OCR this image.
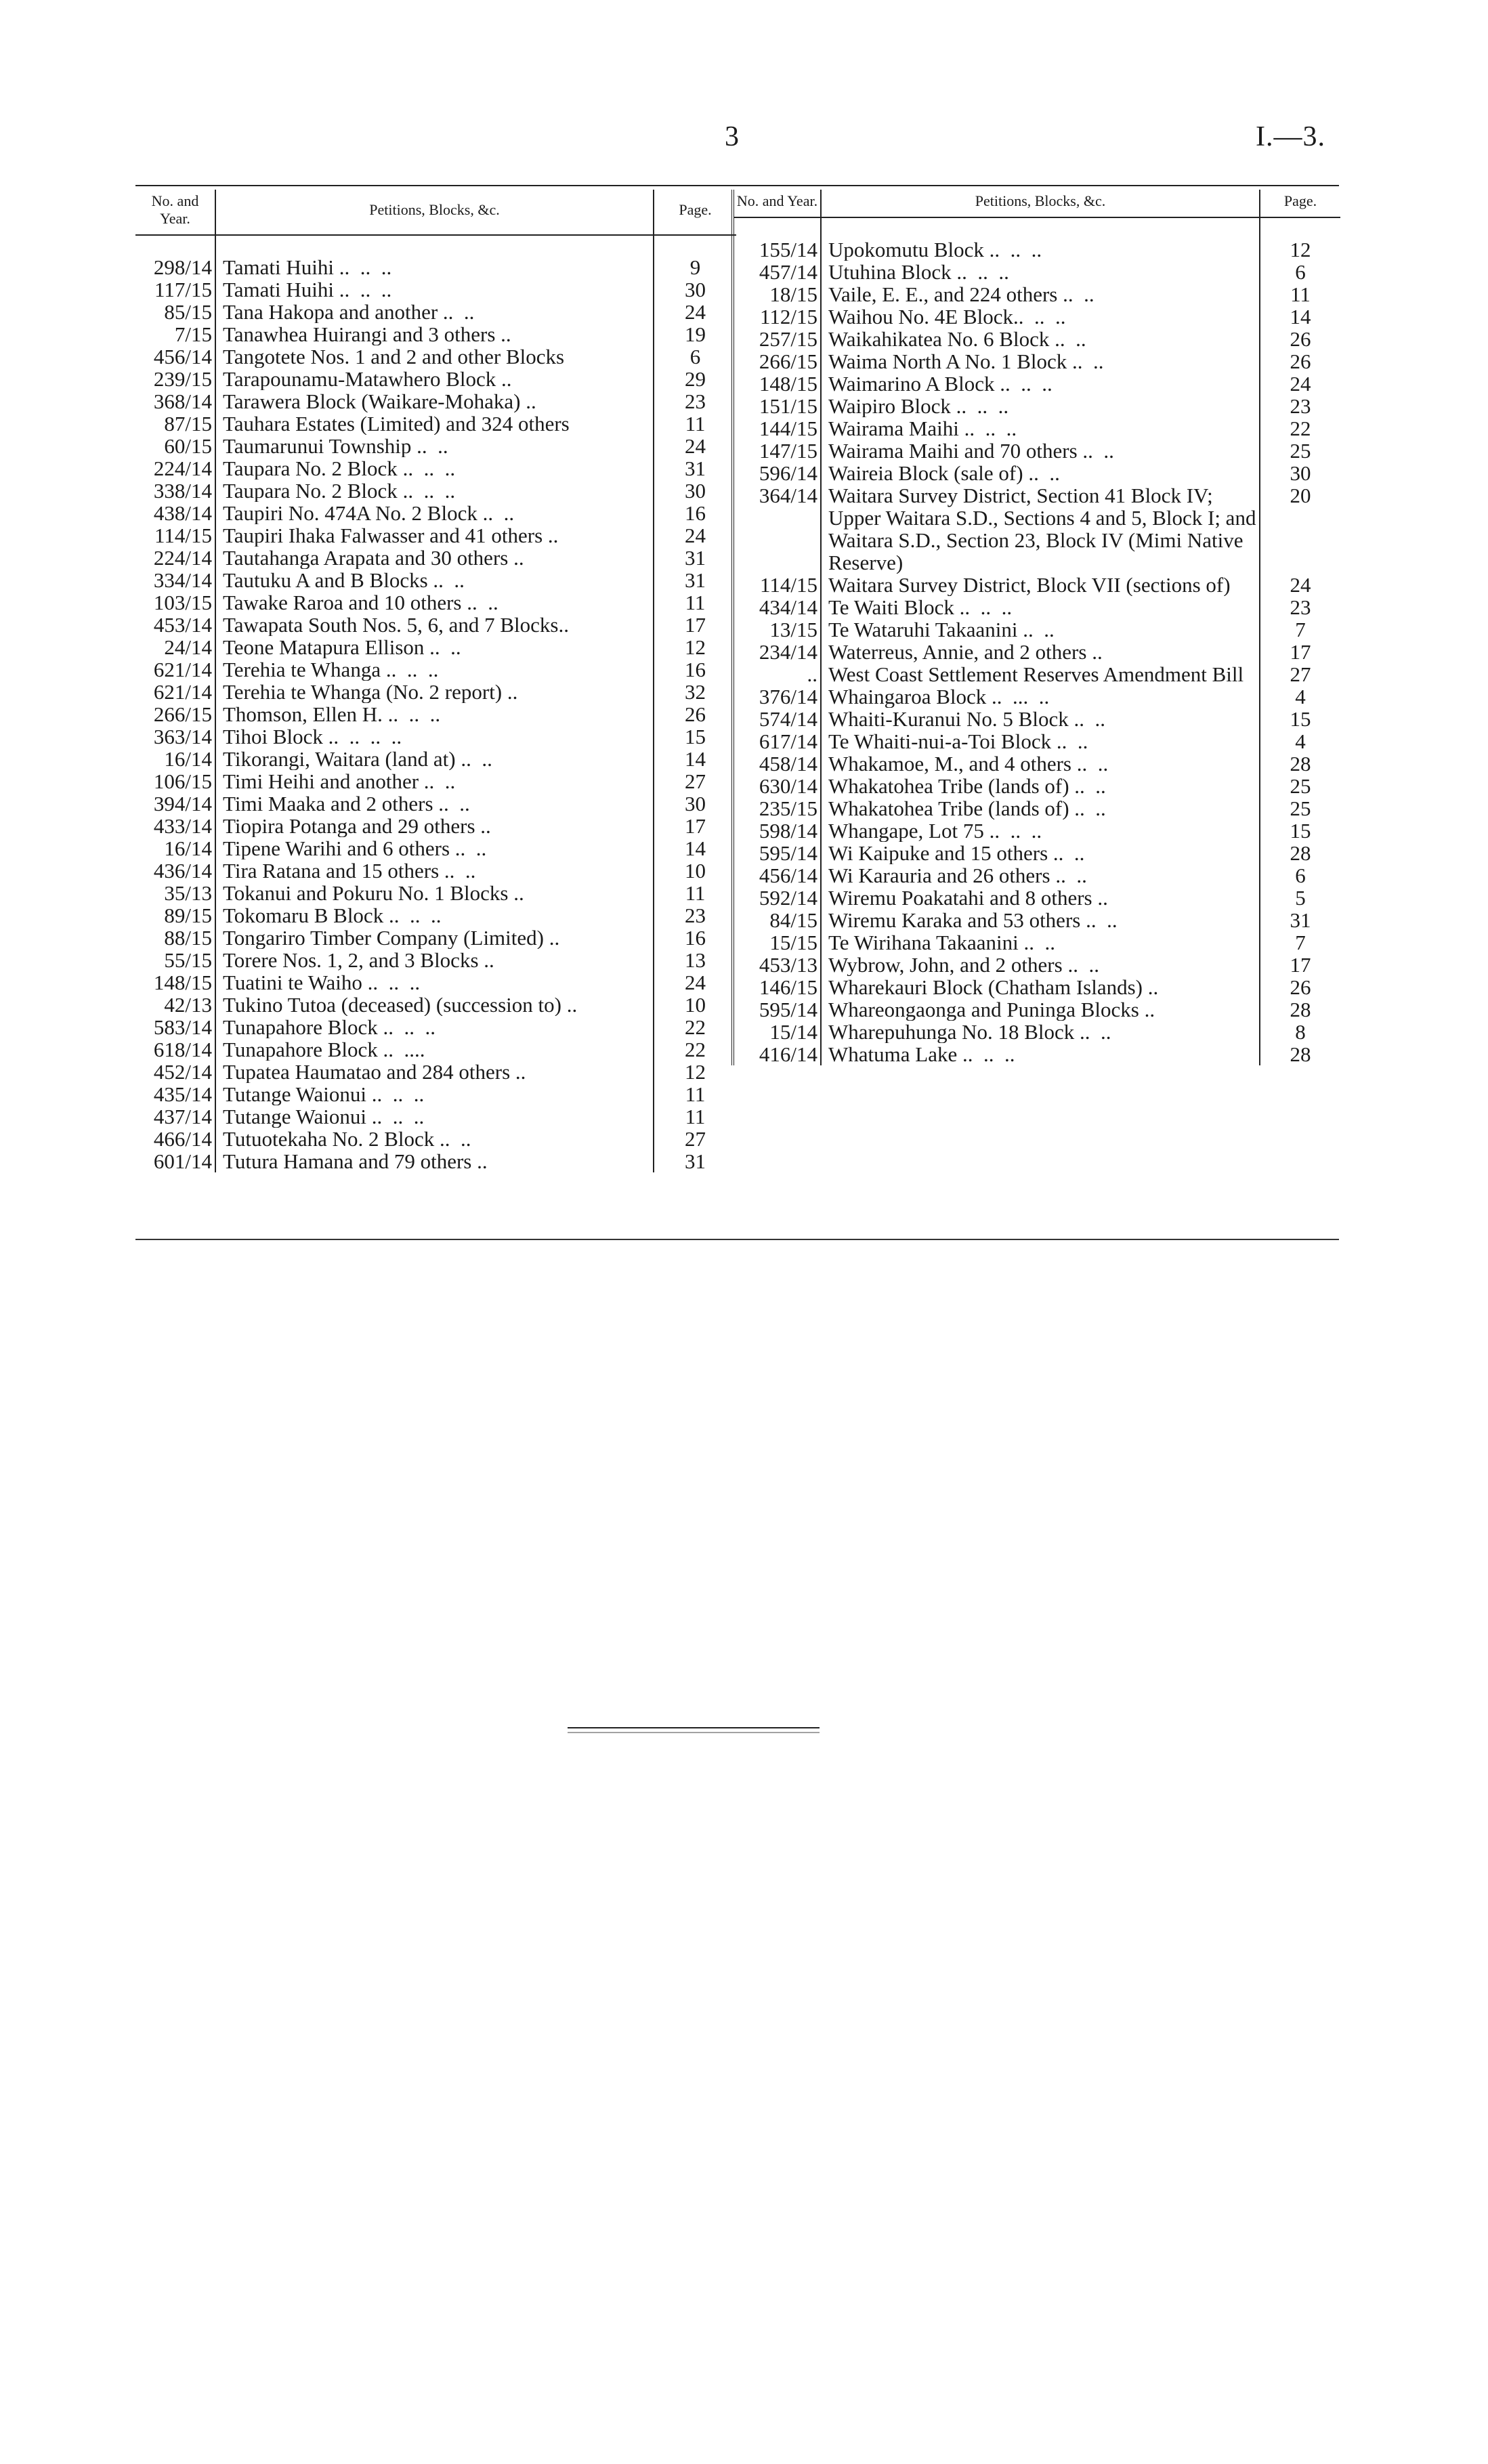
3	I.—3.
No. and Year.	Petitions, Blocks, &c.	Page.
298/14	Tamati Huihi ..  ..  ..	9
117/15	Tamati Huihi ..  ..  ..	30
85/15	Tana Hakopa and another ..  ..	24
7/15	Tanawhea Huirangi and 3 others ..	19
456/14	Tangotete Nos. 1 and 2 and other Blocks	6
239/15	Tarapounamu-Matawhero Block ..	29
368/14	Tarawera Block (Waikare-Mohaka) ..	23
87/15	Tauhara Estates (Limited) and 324 others	11
60/15	Taumarunui Township ..  ..	24
224/14	Taupara No. 2 Block ..  ..  ..	31
338/14	Taupara No. 2 Block ..  ..  ..	30
438/14	Taupiri No. 474A No. 2 Block ..  ..	16
114/15	Taupiri Ihaka Falwasser and 41 others ..	24
224/14	Tautahanga Arapata and 30 others ..	31
334/14	Tautuku A and B Blocks ..  ..	31
103/15	Tawake Raroa and 10 others ..  ..	11
453/14	Tawapata South Nos. 5, 6, and 7 Blocks..	17
24/14	Teone Matapura Ellison ..  ..	12
621/14	Terehia te Whanga ..  ..  ..	16
621/14	Terehia te Whanga (No. 2 report) ..	32
266/15	Thomson, Ellen H. ..  ..  ..	26
363/14	Tihoi Block ..  ..  ..  ..	15
16/14	Tikorangi, Waitara (land at) ..  ..	14
106/15	Timi Heihi and another ..  ..	27
394/14	Timi Maaka and 2 others ..  ..	30
433/14	Tiopira Potanga and 29 others ..	17
16/14	Tipene Warihi and 6 others ..  ..	14
436/14	Tira Ratana and 15 others ..  ..	10
35/13	Tokanui and Pokuru No. 1 Blocks ..	11
89/15	Tokomaru B Block ..  ..  ..	23
88/15	Tongariro Timber Company (Limited) ..	16
55/15	Torere Nos. 1, 2, and 3 Blocks ..	13
148/15	Tuatini te Waiho ..  ..  ..	24
42/13	Tukino Tutoa (deceased) (succession to) ..	10
583/14	Tunapahore Block ..  ..  ..	22
618/14	Tunapahore Block ..  ....	22
452/14	Tupatea Haumatao and 284 others ..	12
435/14	Tutange Waionui ..  ..  ..	11
437/14	Tutange Waionui ..  ..  ..	11
466/14	Tutuotekaha No. 2 Block ..  ..	27
601/14	Tutura Hamana and 79 others ..	31
No. and Year.	Petitions, Blocks, &c.	Page.
155/14	Upokomutu Block ..  ..  ..	12
457/14	Utuhina Block ..  ..  ..	6

18/15	Vaile, E. E., and 224 others ..  ..	11

112/15	Waihou No. 4E Block..  ..  ..	14
257/15	Waikahikatea No. 6 Block ..  ..	26
266/15	Waima North A No. 1 Block ..  ..	26
148/15	Waimarino A Block ..  ..  ..	24
151/15	Waipiro Block ..  ..  ..	23
144/15	Wairama Maihi ..  ..  ..	22
147/15	Wairama Maihi and 70 others ..  ..	25
596/14	Waireia Block (sale of) ..  ..	30
364/14	Waitara Survey District, Section 41 Block IV; Upper Waitara S.D., Sections 4 and 5, Block I; and Waitara S.D., Section 23, Block IV (Mimi Native Reserve)	20
114/15	Waitara Survey District, Block VII (sections of)	24
434/14	Te Waiti Block ..  ..  ..	23
13/15	Te Wataruhi Takaanini ..  ..	7
234/14	Waterreus, Annie, and 2 others ..	17
..	West Coast Settlement Reserves Amendment Bill	27
376/14	Whaingaroa Block ..  ...  ..	4
574/14	Whaiti-Kuranui No. 5 Block ..  ..	15
617/14	Te Whaiti-nui-a-Toi Block ..  ..	4
458/14	Whakamoe, M., and 4 others ..  ..	28
630/14	Whakatohea Tribe (lands of) ..  ..	25
235/15	Whakatohea Tribe (lands of) ..  ..	25
598/14	Whangape, Lot 75 ..  ..  ..	15
595/14	Wi Kaipuke and 15 others ..  ..	28
456/14	Wi Karauria and 26 others ..  ..	6
592/14	Wiremu Poakatahi and 8 others ..	5
84/15	Wiremu Karaka and 53 others ..  ..	31
15/15	Te Wirihana Takaanini ..  ..	7
453/13	Wybrow, John, and 2 others ..  ..	17
146/15	Wharekauri Block (Chatham Islands) ..	26
595/14	Whareongaonga and Puninga Blocks ..	28
15/14	Wharepuhunga No. 18 Block ..  ..	8
416/14	Whatuma Lake ..  ..  ..	28
